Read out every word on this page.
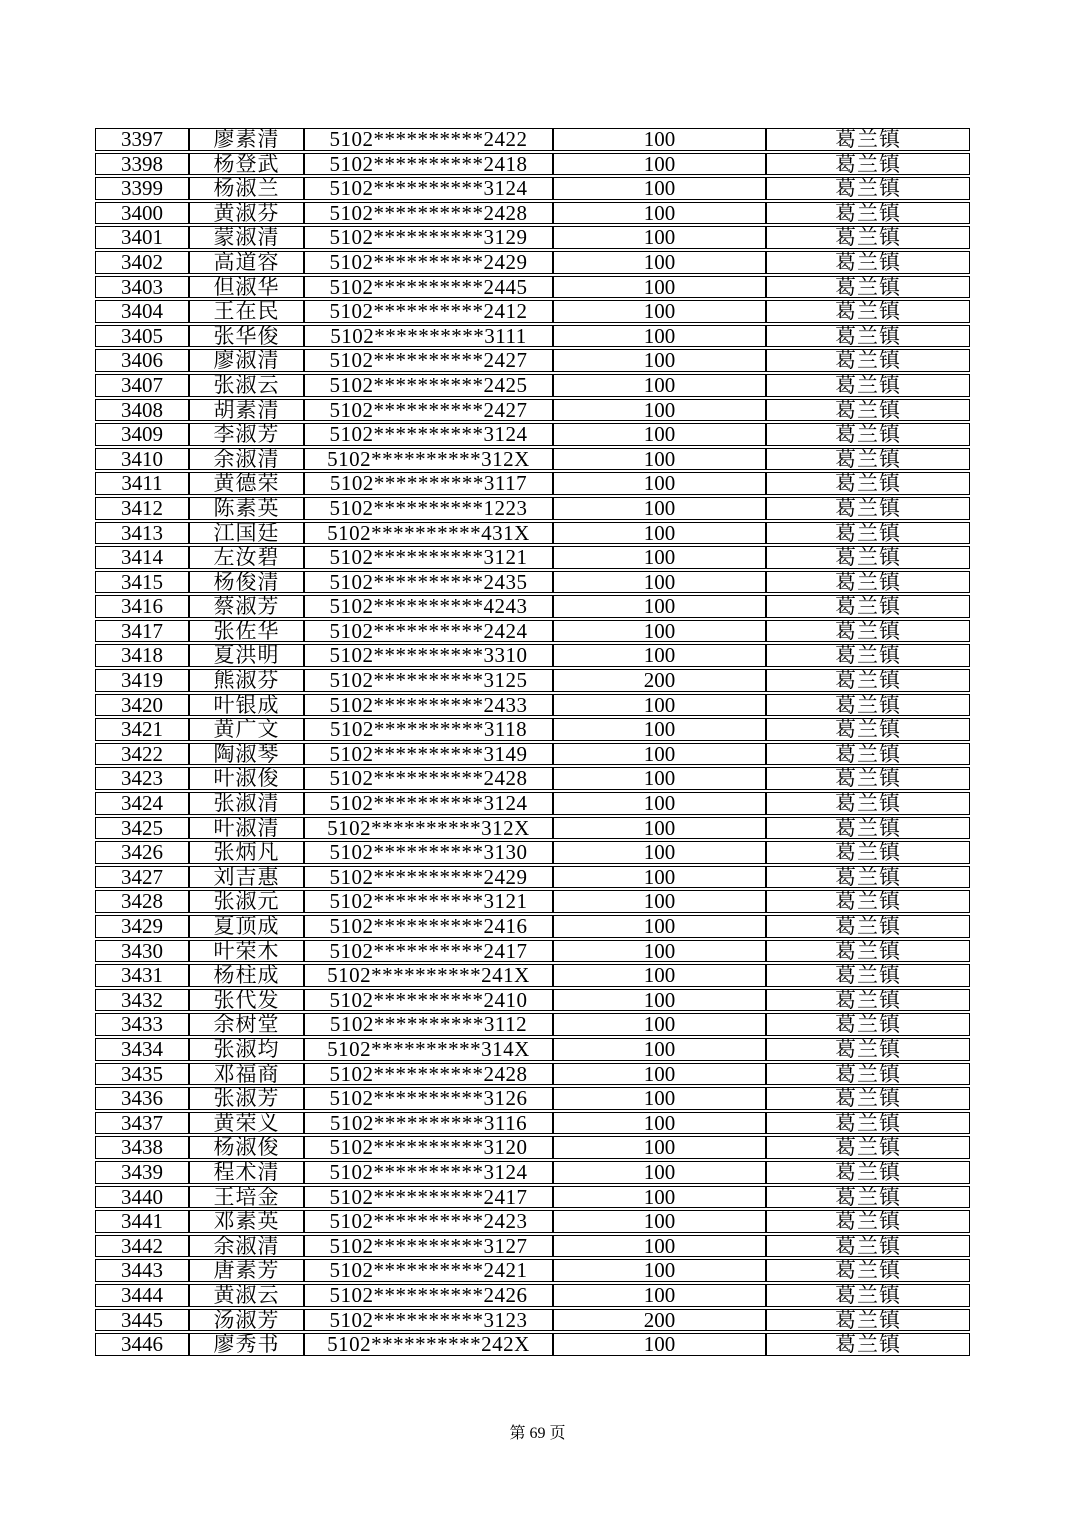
3397	廖素清	5102**********2422	100	葛兰镇
3398	杨登武	5102**********2418	100	葛兰镇
3399	杨淑兰	5102**********3124	100	葛兰镇
3400	黄淑芬	5102**********2428	100	葛兰镇
3401	蒙淑清	5102**********3129	100	葛兰镇
3402	高道容	5102**********2429	100	葛兰镇
3403	但淑华	5102**********2445	100	葛兰镇
3404	王在民	5102**********2412	100	葛兰镇
3405	张华俊	5102**********3111	100	葛兰镇
3406	廖淑清	5102**********2427	100	葛兰镇
3407	张淑云	5102**********2425	100	葛兰镇
3408	胡素清	5102**********2427	100	葛兰镇
3409	李淑芳	5102**********3124	100	葛兰镇
3410	余淑清	5102**********312X	100	葛兰镇
3411	黄德荣	5102**********3117	100	葛兰镇
3412	陈素英	5102**********1223	100	葛兰镇
3413	江国廷	5102**********431X	100	葛兰镇
3414	左汝碧	5102**********3121	100	葛兰镇
3415	杨俊清	5102**********2435	100	葛兰镇
3416	蔡淑芳	5102**********4243	100	葛兰镇
3417	张佐华	5102**********2424	100	葛兰镇
3418	夏洪明	5102**********3310	100	葛兰镇
3419	熊淑芬	5102**********3125	200	葛兰镇
3420	叶银成	5102**********2433	100	葛兰镇
3421	黄广文	5102**********3118	100	葛兰镇
3422	陶淑琴	5102**********3149	100	葛兰镇
3423	叶淑俊	5102**********2428	100	葛兰镇
3424	张淑清	5102**********3124	100	葛兰镇
3425	叶淑清	5102**********312X	100	葛兰镇
3426	张炳凡	5102**********3130	100	葛兰镇
3427	刘吉惠	5102**********2429	100	葛兰镇
3428	张淑元	5102**********3121	100	葛兰镇
3429	夏顶成	5102**********2416	100	葛兰镇
3430	叶荣木	5102**********2417	100	葛兰镇
3431	杨柱成	5102**********241X	100	葛兰镇
3432	张代发	5102**********2410	100	葛兰镇
3433	余树堂	5102**********3112	100	葛兰镇
3434	张淑均	5102**********314X	100	葛兰镇
3435	邓福商	5102**********2428	100	葛兰镇
3436	张淑芳	5102**********3126	100	葛兰镇
3437	黄荣义	5102**********3116	100	葛兰镇
3438	杨淑俊	5102**********3120	100	葛兰镇
3439	程术清	5102**********3124	100	葛兰镇
3440	王培金	5102**********2417	100	葛兰镇
3441	邓素英	5102**********2423	100	葛兰镇
3442	余淑清	5102**********3127	100	葛兰镇
3443	唐素芳	5102**********2421	100	葛兰镇
3444	黄淑云	5102**********2426	100	葛兰镇
3445	汤淑芳	5102**********3123	200	葛兰镇
3446	廖秀书	5102**********242X	100	葛兰镇
第 69 页
